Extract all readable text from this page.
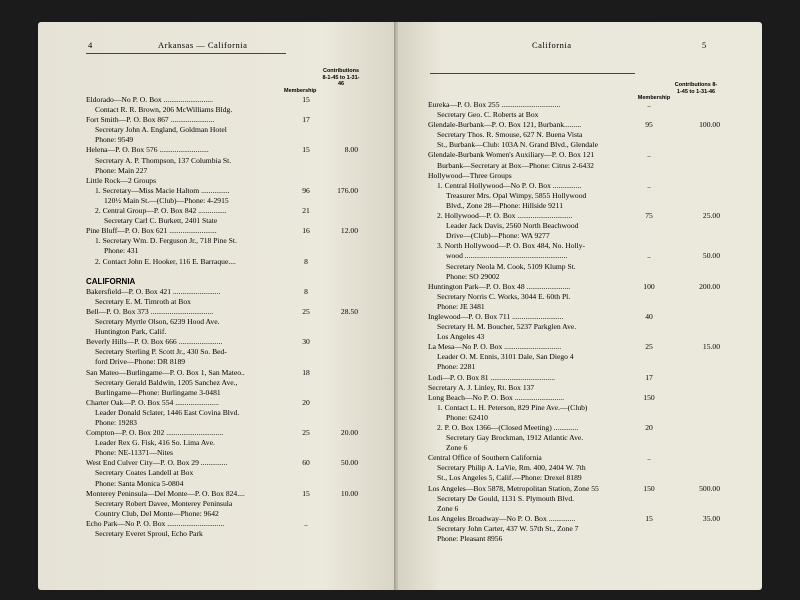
4	Arkansas — California
Membership
Contributions 8-1-45 to 1-31-46
California	5
Membership
Contributions 8-1-45 to 1-31-46
Eldorado—No P. O. Box ..........................	15
Contact R. R. Brown, 206 McWilliams Bldg.
Fort Smith—P. O. Box 867 .......................	17
Secretary John A. England, Goldman Hotel
Phone: 9549
Helena—P. O. Box 576 ..........................	15	8.00
Secretary A. P. Thompson, 137 Columbia St.
Phone: Main 227
Little Rock—2 Groups
1. Secretary—Miss Macie Haltom ...............	96	176.00
120½ Main St.—(Club)—Phone: 4-2915
2. Central Group—P. O. Box 842 ...............	21
Secretary Carl C. Burkett, 2401 State
Pine Bluff—P. O. Box 621 .........................	16	12.00
1. Secretary Wm. D. Ferguson Jr., 718 Pine St.
Phone: 431
2. Contact John E. Hooker, 116 E. Barraque....	8
CALIFORNIA
Bakersfield—P. O. Box 421 .........................	8
Secretary E. M. Timroth at Box
Bell—P. O. Box 373 .................................	25	28.50
Secretary Myrtle Olson, 6239 Hood Ave.
Huntington Park, Calif.
Beverly Hills—P. O. Box 666 .......................	30
Secretary Sterling P. Scott Jr., 430 So. Bed-
ford Drive—Phone: DR 8189
San Mateo—Burlingame—P. O. Box 1, San Mateo..	18
Secretary Gerald Baldwin, 1205 Sanchez Ave.,
Burlingame—Phone: Burlingame 3-0481
Charter Oak—P. O. Box 554 .......................	20
Leader Donald Sclater, 1446 East Covina Blvd.
Phone: 19283
Compton—P. O. Box 202 ..............................	25	20.00
Leader Rex G. Fisk, 416 So. Lima Ave.
Phone: NE-11371—Nites
West End Culver City—P. O. Box 29 ..............	60	50.00
Secretary Coates Landell at Box
Phone: Santa Monica 5-0804
Monterey Peninsula—Del Monte—P. O. Box 824....	15	10.00
Secretary Robert Davee, Monterey Peninsula
Country Club, Del Monte—Phone: 9642
Echo Park—No P. O. Box ..............................	..
Secretary Everet Sproul, Echo Park
Eureka—P. O. Box 255 ...............................	..
Secretary Geo. C. Roberts at Box
Glendale-Burbank—P. O. Box 121, Burbank.........	95	100.00
Secretary Thos. R. Smouse, 627 N. Buena Vista
St., Burbank—Club: 103A N. Grand Blvd., Glendale
Glendale-Burbank Women's Auxiliary—P. O. Box 121	..
Burbank—Secretary at Box—Phone: Citrus 2-6432
Hollywood—Three Groups
1. Central Hollywood—No P. O. Box ...............	..
Treasurer Mrs. Opal Wimpy, 5855 Hollywood
Blvd., Zone 28—Phone: Hillside 9211
2. Hollywood—P. O. Box .............................	75	25.00
Leader Jack Davis, 2560 North Beachwood
Drive—(Club)—Phone: WA 9277
3. North Hollywood—P. O. Box 484, No. Holly-
wood ......................................................	..	50.00
Secretary Neola M. Cook, 5109 Klump St.
Phone: SO 29002
Huntington Park—P. O. Box 48 .......................	100	200.00
Secretary Norris C. Works, 3044 E. 60th Pl.
Phone: JE 3481
Inglewood—P. O. Box 711 ...........................	40
Secretary H. M. Boucher, 5237 Parkglen Ave.
Los Angeles 43
La Mesa—No P. O. Box ..............................	25	15.00
Leader O. M. Ennis, 3101 Dale, San Diego 4
Phone: 2281
Lodi—P. O. Box 81 ..................................	17
Secretary A. J. Linley, Rt. Box 137
Long Beach—No P. O. Box ..........................	150
1. Contact L. H. Peterson, 829 Pine Ave.—(Club)
Phone: 62410
2. P. O. Box 1366—(Closed Meeting) .............	20
Secretary Gay Brockman, 1912 Atlantic Ave.
Zone 6
Central Office of Southern California	..
Secretary Philip A. LaVie, Rm. 400, 2404 W. 7th
St., Los Angeles 5, Calif.—Phone: Drexel 8189
Los Angeles—Box 5878, Metropolitan Station, Zone 55	150	500.00
Secretary De Gould, 1131 S. Plymouth Blvd.
Zone 6
Los Angeles Broadway—No P. O. Box ..............	15	35.00
Secretary John Carter, 437 W. 57th St., Zone 7
Phone: Pleasant 8956
